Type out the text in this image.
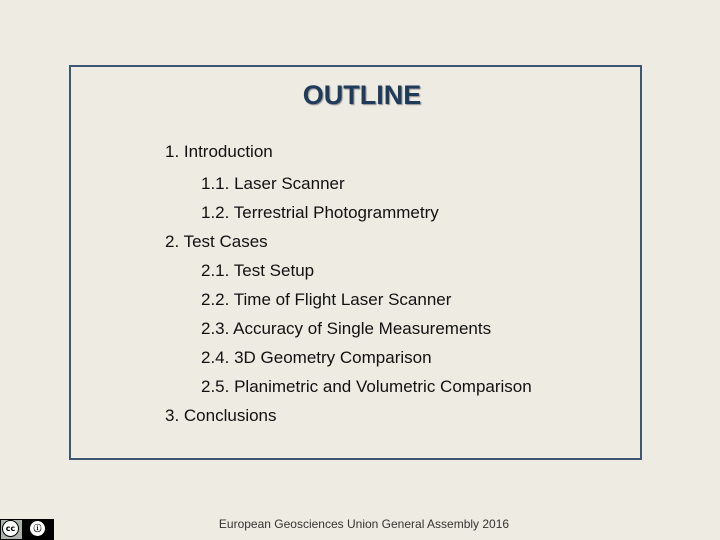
OUTLINE
1. Introduction
1.1. Laser Scanner
1.2. Terrestrial Photogrammetry
2. Test Cases
2.1. Test Setup
2.2. Time of Flight Laser Scanner
2.3. Accuracy of Single Measurements
2.4. 3D Geometry Comparison
2.5. Planimetric and Volumetric Comparison
3. Conclusions
European Geosciences Union General Assembly 2016
cc	ⓘ
